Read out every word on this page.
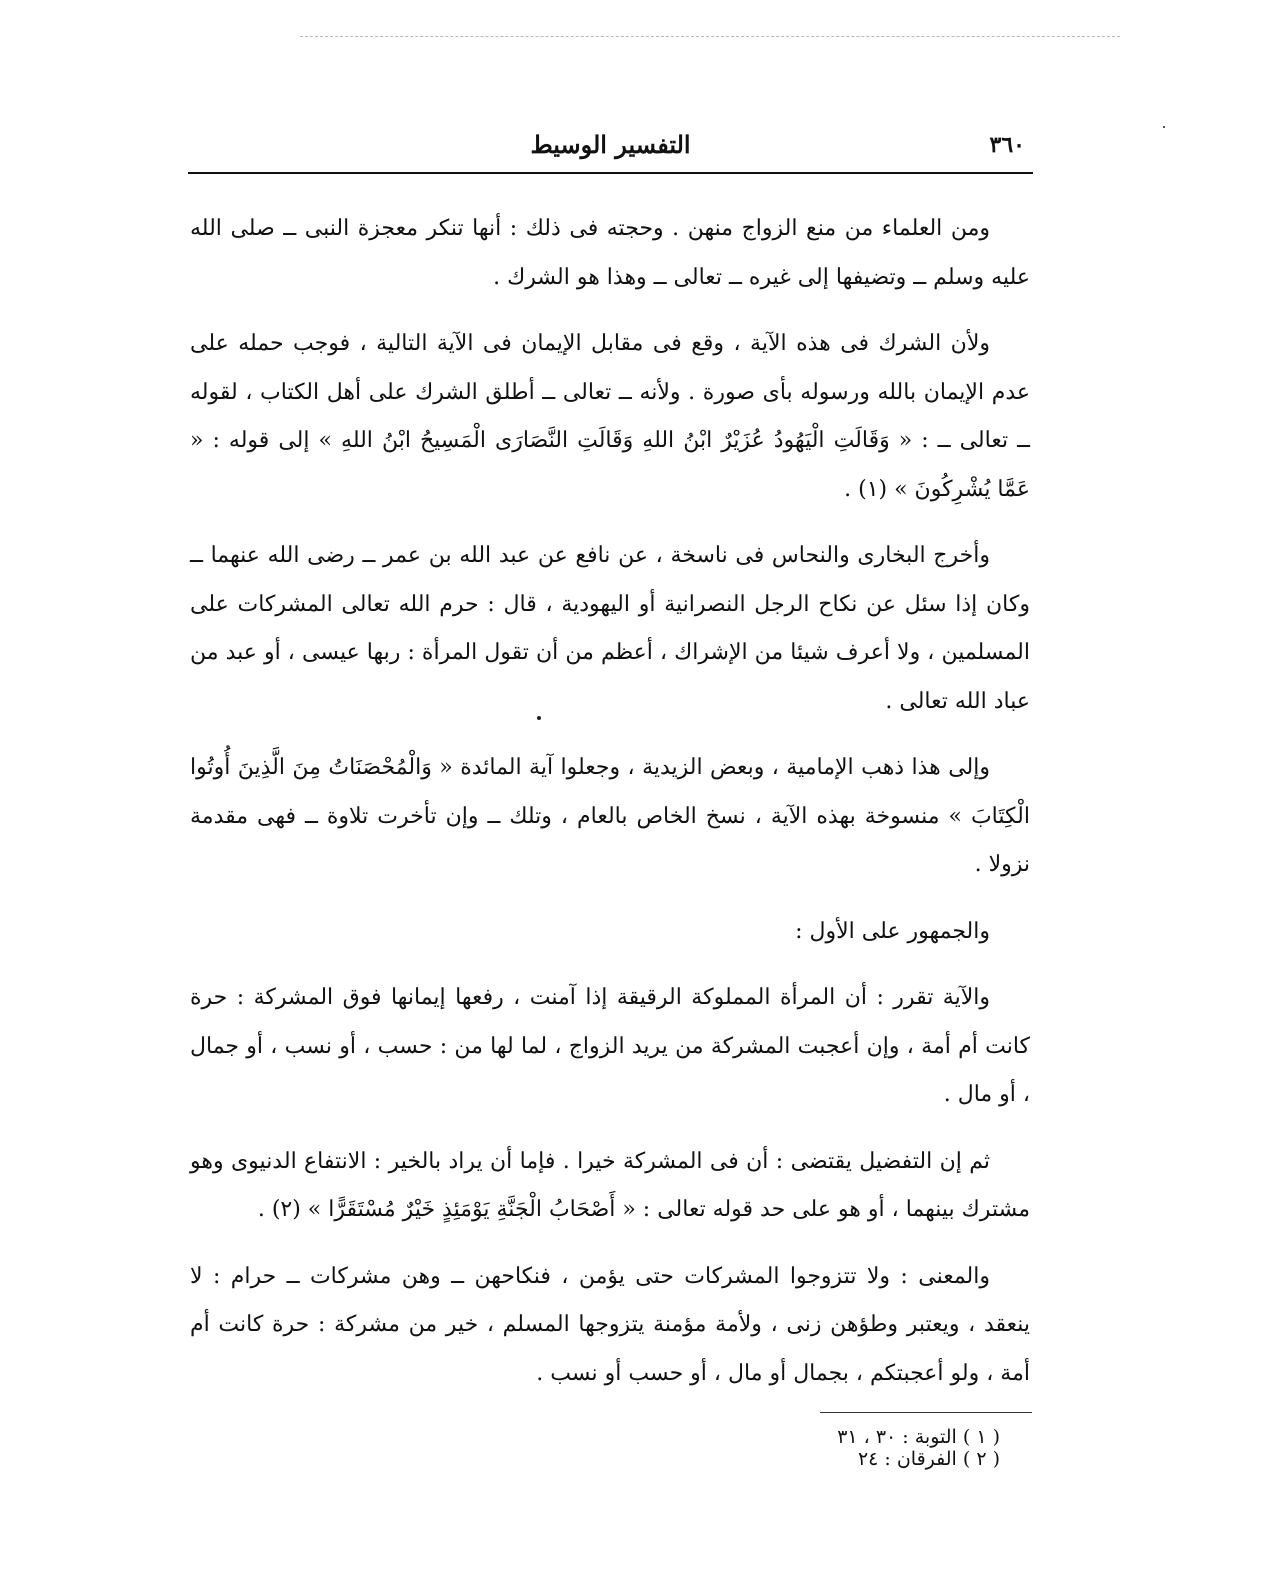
٣٦٠
التفسير الوسيط

ومن العلماء من منع الزواج منهن . وحجته فى ذلك : أنها تنكر معجزة النبى ــ صلى الله عليه وسلم ــ وتضيفها إلى غيره ــ تعالى ــ وهذا هو الشرك .

ولأن الشرك فى هذه الآية ، وقع فى مقابل الإيمان فى الآية التالية ، فوجب حمله على عدم الإيمان بالله ورسوله بأى صورة . ولأنه ــ تعالى ــ أطلق الشرك على أهل الكتاب ، لقوله ــ تعالى ــ : « وَقَالَتِ الْيَهُودُ عُزَيْرٌ ابْنُ اللهِ وَقَالَتِ النَّصَارَى الْمَسِيحُ ابْنُ اللهِ » إلى قوله : « عَمَّا يُشْرِكُونَ » (١) .

وأخرج البخارى والنحاس فى ناسخة ، عن نافع عن عبد الله بن عمر ــ رضى الله عنهما ــ وكان إذا سئل عن نكاح الرجل النصرانية أو اليهودية ، قال : حرم الله تعالى المشركات على المسلمين ، ولا أعرف شيئا من الإشراك ، أعظم من أن تقول المرأة : ربها عيسى ، أو عبد من عباد الله تعالى .

وإلى هذا ذهب الإمامية ، وبعض الزيدية ، وجعلوا آية المائدة « وَالْمُحْصَنَاتُ مِنَ الَّذِينَ أُوتُوا الْكِتَابَ » منسوخة بهذه الآية ، نسخ الخاص بالعام ، وتلك ــ وإن تأخرت تلاوة ــ فهى مقدمة نزولا .

والجمهور على الأول :

والآية تقرر : أن المرأة المملوكة الرقيقة إذا آمنت ، رفعها إيمانها فوق المشركة : حرة كانت أم أمة ، وإن أعجبت المشركة من يريد الزواج ، لما لها من : حسب ، أو نسب ، أو جمال ، أو مال .

ثم إن التفضيل يقتضى : أن فى المشركة خيرا . فإما أن يراد بالخير : الانتفاع الدنيوى وهو مشترك بينهما ، أو هو على حد قوله تعالى : « أَصْحَابُ الْجَنَّةِ يَوْمَئِذٍ خَيْرٌ مُسْتَقَرًّا » (٢) .

والمعنى : ولا تتزوجوا المشركات حتى يؤمن ، فنكاحهن ــ وهن مشركات ــ حرام : لا ينعقد ، ويعتبر وطؤهن زنى ، ولأمة مؤمنة يتزوجها المسلم ، خير من مشركة : حرة كانت أم أمة ، ولو أعجبتكم ، بجمال أو مال ، أو حسب أو نسب .

( ١ ) التوبة : ٣٠ ، ٣١ ( ٢ ) الفرقان : ٢٤
